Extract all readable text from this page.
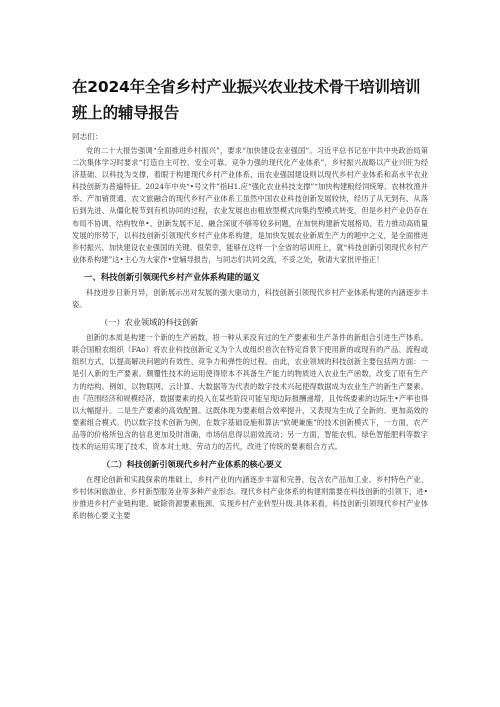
在2024年全省乡村产业振兴农业技术骨干培训培训班上的辅导报告

同志们：

党的二十大报告强调“全面推进乡村振兴”，要求“加快建设农业强国”。习近平总书记在中共中央政治局第二次集体学习时要求“打造自主可控、安全可靠、竞争力强的现代化产业体系”，乡村振兴战略以产业兴旺为经济基础、以科技为支撑，着眼于构建现代乡村产业体系，而农业强国建设则以现代乡村产业体系和高水平农业科技创新为普遍特征。2024年中央“•号文件”指H1.应“强化农业科技支撑”“加快构建粮经饲统筹、农林牧渔并举、产加销贯通、农文旅融合的现代乡村产业体系工虽然中国农业科技创新发展较快，经历了从无到有、从落后到先进、从僵化脱节到有机协同的过程，农业发展也由粗放型模式向集约型模式转变，但是乡村产业仍存在布局不协调、结构牧单•、创新发展不足、融合深度不够等较多问题，在加快构建新发展格局、若力推动高质量发展的形势下，以科技创新引领现代乡村产业体系构建，是加快发展农业新质生产力的题中之义，是全面推进乡村振兴、加快建设农业强国的关键。很荣幸，能够在这样一个全省的培训班上，就“科技创新引领现代乡村产业体系构建”这•主心为大家作•堂辅导报告，与同志们共同交流，不妥之处，敬请大家批评指正！

一、科技创新引领现代乡村产业体系构建的逼义

科技进步日新月异，创新展示出对发展的强大驱动力，科技创新引领现代乡村产业体系构建的内涵逐步丰姿。

（一）农业领域的科技创新

创新的本质是构建一个新的生产函数，将一种从来没有过的生产要素和生产条件的新组合引进生产体系。联合国粮农组织（FAo）将农业科技创新定义为个人或组织首次在特定背景下使用新的或现有的产品、流程或组织方式，以提高解决问题的有效性、竞争力和弹性的过程。由此，农业领域的科技创新主要包括两方面：一是引入新的生产要素。颇覆性技术的运用使得原本不具备生产能力的物质进入农业生产函数，改变了原有生产力的结构。例如，以物联网、云计算、大数据等为代表的数字技术兴起使得数据成为农业生产的新生产要素。由『范围经济和规模经济，数据要素的投入在某些阶段可能呈现边际报酬递增，且传统要素的边际生•产率也得以大幅提升。二是生产要素的高效配置。这既体现为要素组合效率提升，又表现为生成了全新的、更加高效的要素组合模式。仍以数字技术创新为例，在数字基础设施和算法“软硬兼施”的技术创新模式下，一方面，农产品等的价格所包含的信息更加及时准确，市场信息得以面效流动；另一方面，智能农机、绿色智能肥料等数字技术的运用实现了技术、资本对土地、劳动力的苫代，改进了传统的要素组合方式。

（二）科技创新引领现代乡村产业体系的核心要义

在理论创新和实践探索的堆础上，乡村产业的内涵逐步丰富和完善，包含农产品加工业、乡村特色产业、乡村休闲旅游业、乡村新型服务业等多种产业形态。现代乡村产业体系的构建则需要在科技创新的引领下，进•步推进乡村产业链构建、破除资源要素瓶颈、实现乡村产业转型升级.具体来看，科技创新引领现代乡村产业体系的核心要义主要
